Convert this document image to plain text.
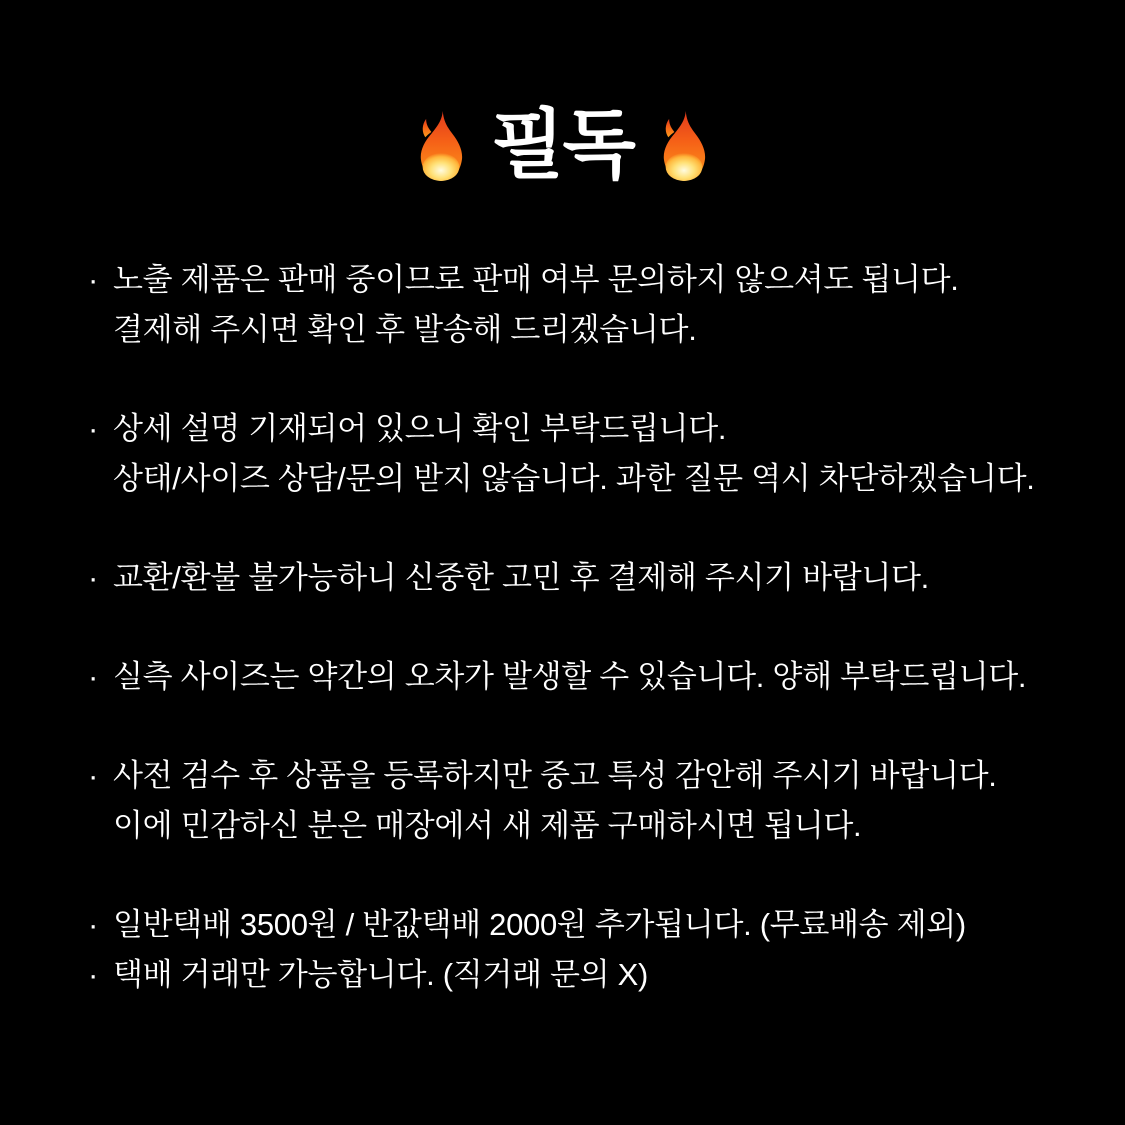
필독
· 노출 제품은 판매 중이므로 판매 여부 문의하지 않으셔도 됩니다.
결제해 주시면 확인 후 발송해 드리겠습니다.
· 상세 설명 기재되어 있으니 확인 부탁드립니다.
상태/사이즈 상담/문의 받지 않습니다. 과한 질문 역시 차단하겠습니다.
· 교환/환불 불가능하니 신중한 고민 후 결제해 주시기 바랍니다.
· 실측 사이즈는 약간의 오차가 발생할 수 있습니다. 양해 부탁드립니다.
· 사전 검수 후 상품을 등록하지만 중고 특성 감안해 주시기 바랍니다.
이에 민감하신 분은 매장에서 새 제품 구매하시면 됩니다.
· 일반택배 3500원 / 반값택배 2000원 추가됩니다. (무료배송 제외)
· 택배 거래만 가능합니다. (직거래 문의 X)
